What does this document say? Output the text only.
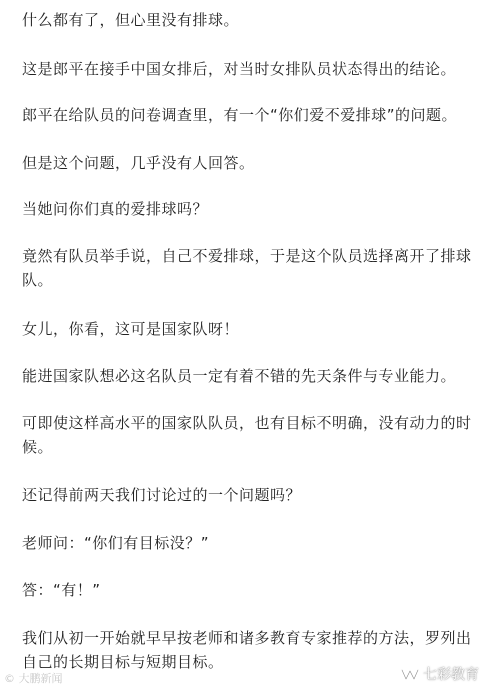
什么都有了，但心里没有排球。

这是郎平在接手中国女排后，对当时女排队员状态得出的结论。

郎平在给队员的问卷调查里，有一个“你们爱不爱排球”的问题。

但是这个问题，几乎没有人回答。

当她问你们真的爱排球吗？

竟然有队员举手说，自己不爱排球，于是这个队员选择离开了排球队。

女儿，你看，这可是国家队呀！

能进国家队想必这名队员一定有着不错的先天条件与专业能力。

可即使这样高水平的国家队队员，也有目标不明确，没有动力的时候。

还记得前两天我们讨论过的一个问题吗？

老师问：“你们有目标没？”

答：“有！”

我们从初一开始就早早按老师和诸多教育专家推荐的方法，罗列出自己的长期目标与短期目标。

© 大鹏新闻	七彩教育
